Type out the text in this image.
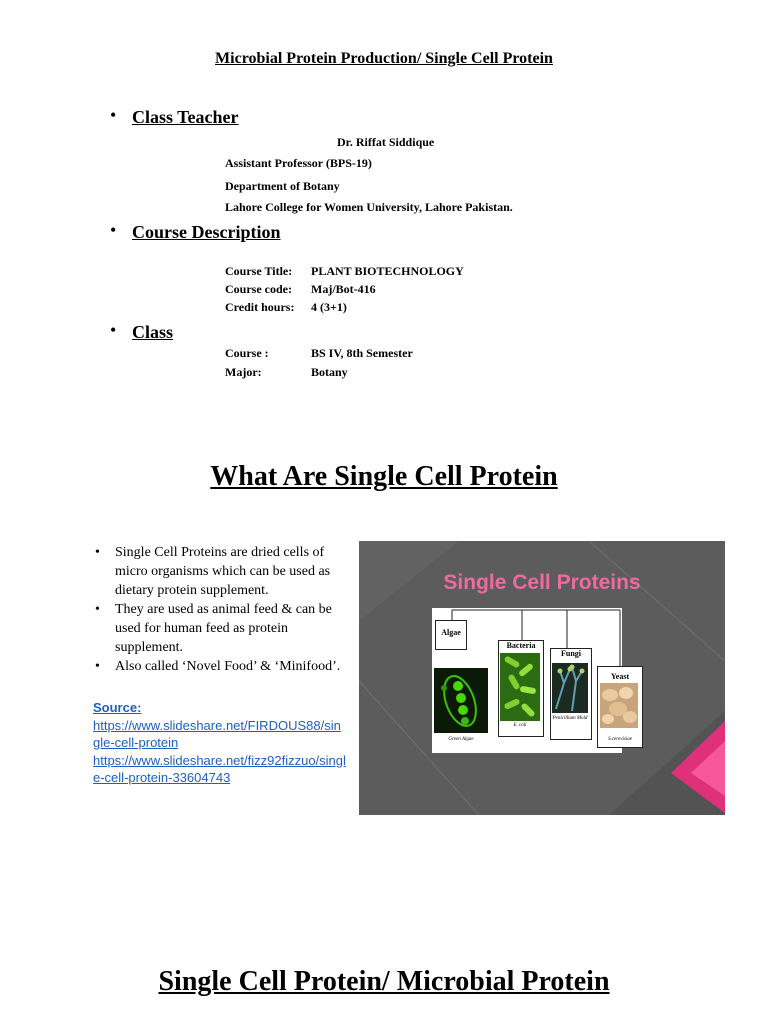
Microbial Protein Production/ Single Cell Protein
• Class Teacher
Dr. Riffat Siddique
Assistant Professor (BPS-19)
Department of Botany
Lahore College for Women University, Lahore Pakistan.
• Course Description
Course Title: PLANT BIOTECHNOLOGY
Course code: Maj/Bot-416
Credit hours: 4 (3+1)
• Class
Course :	BS IV, 8th Semester
Major:	Botany
What Are Single Cell Protein
• Single Cell Proteins are dried cells of micro organisms which can be used as dietary protein supplement.
• They are used as animal feed & can be used for human feed as protein supplement.
• Also called ‘Novel Food’ & ‘Minifood’.
Source:
https://www.slideshare.net/FIRDOUS88/single-cell-protein
https://www.slideshare.net/fizz92fizzuo/single-cell-protein-33604743
Single Cell Proteins
Algae
Bacteria
Fungi
Yeast
Green Algae
E. coli
Penicillium Mold
S.cerevisiae
Single Cell Protein/ Microbial Protein
